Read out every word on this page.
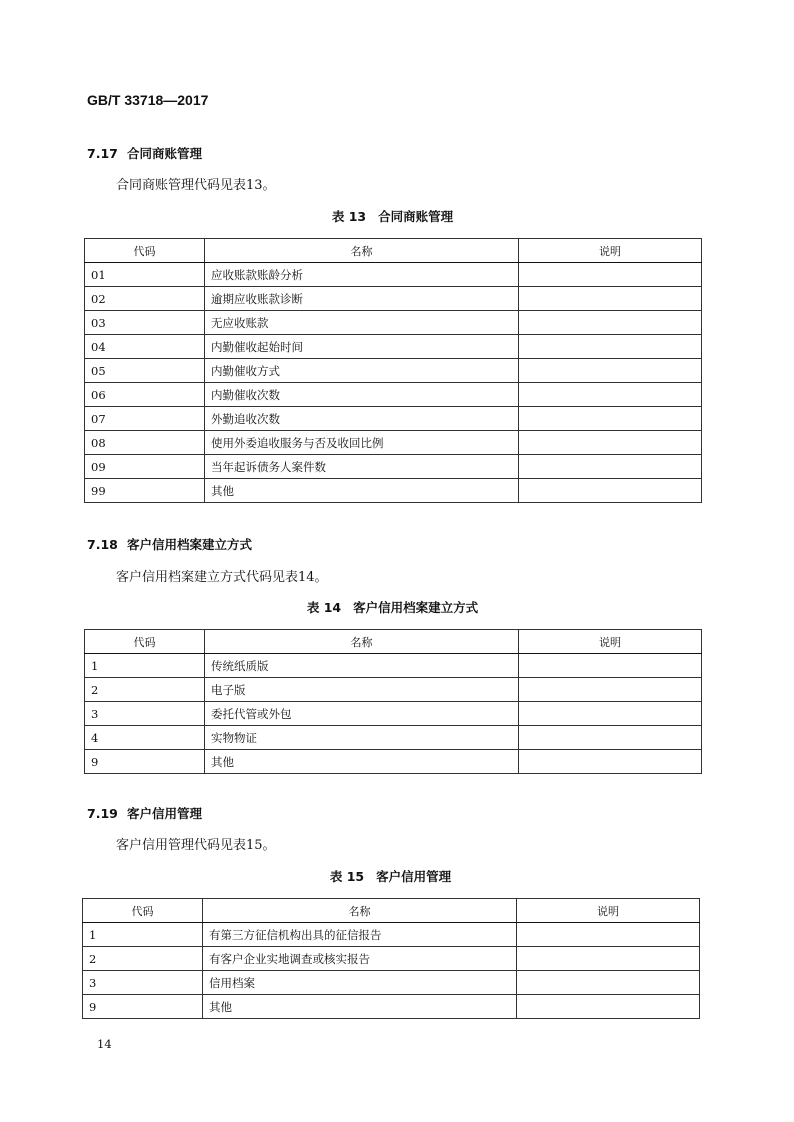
GB/T 33718—2017
7.17 合同商账管理
合同商账管理代码见表13。
表 13 合同商账管理
代码	名称	说明
01	应收账款账龄分析	
02	逾期应收账款诊断	
03	无应收账款	
04	内勤催收起始时间	
05	内勤催收方式	
06	内勤催收次数	
07	外勤追收次数	
08	使用外委追收服务与否及收回比例	
09	当年起诉债务人案件数	
99	其他	
7.18 客户信用档案建立方式
客户信用档案建立方式代码见表14。
表 14 客户信用档案建立方式
代码	名称	说明
1	传统纸质版	
2	电子版	
3	委托代管或外包	
4	实物物证	
9	其他	
7.19 客户信用管理
客户信用管理代码见表15。
表 15 客户信用管理
代码	名称	说明
1	有第三方征信机构出具的征信报告	
2	有客户企业实地调查或核实报告	
3	信用档案	
9	其他	
14
